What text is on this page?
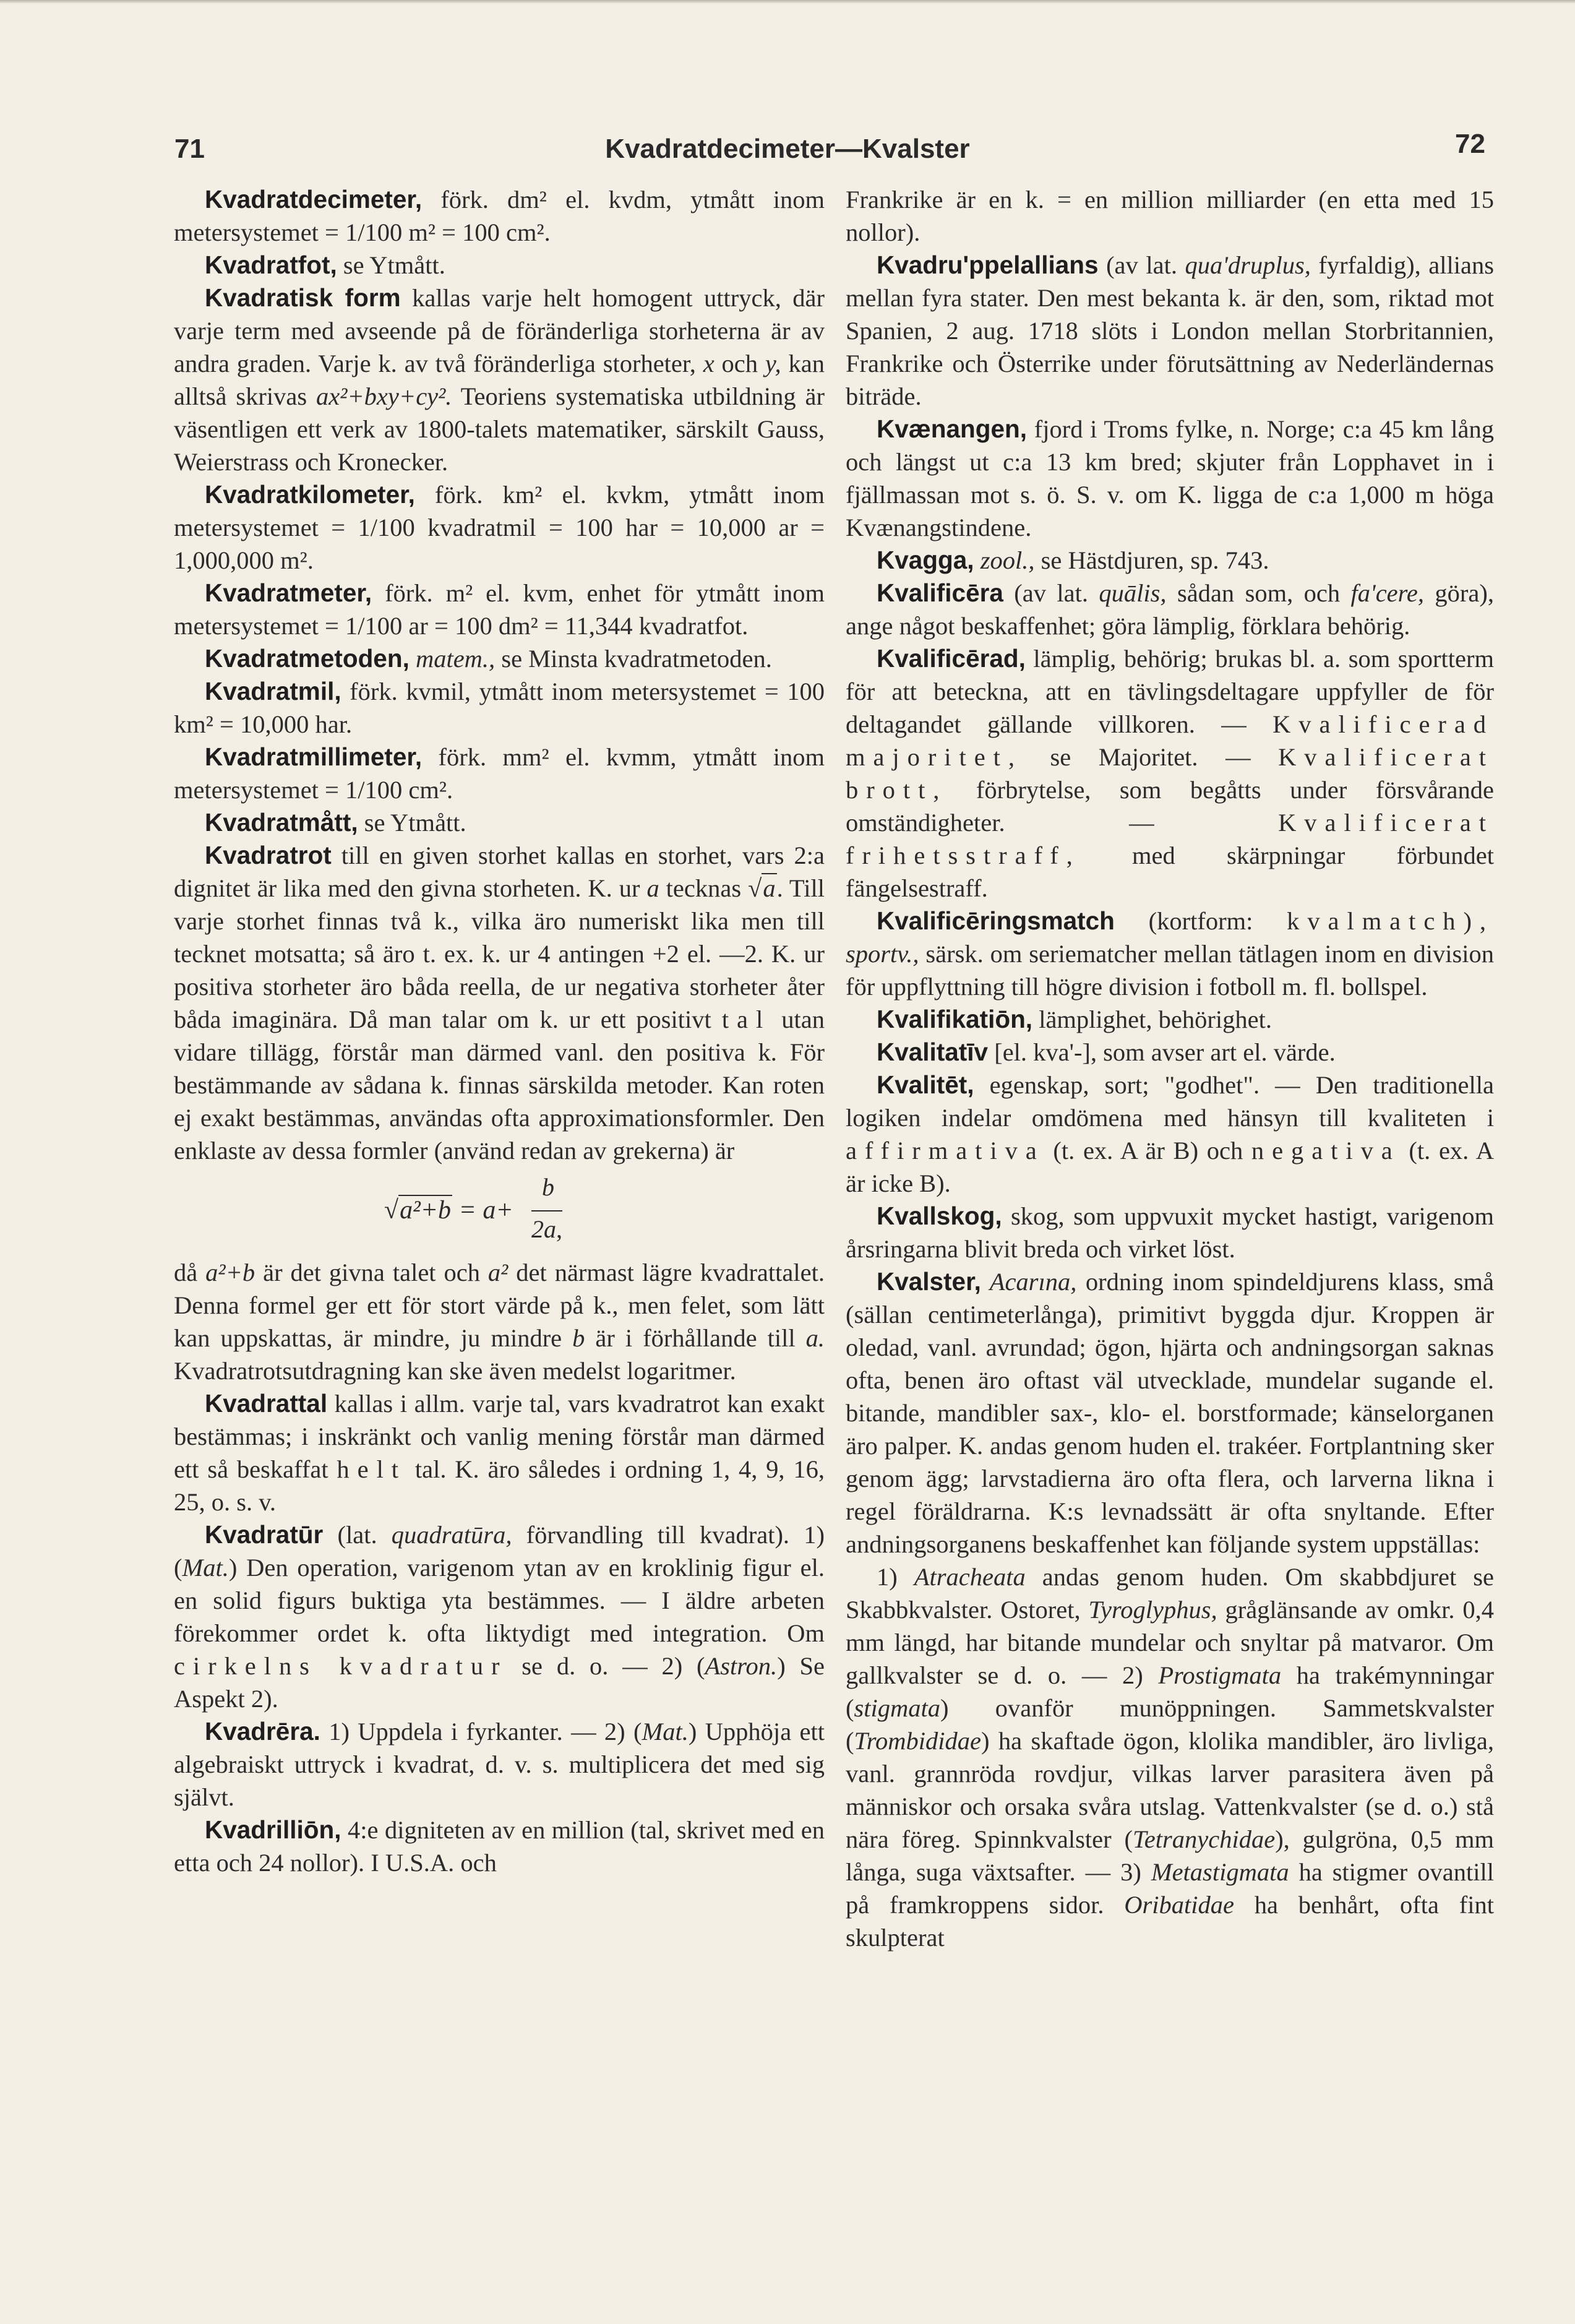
71	Kvadratdecimeter—Kvalster	72

Kvadratdecimeter, förk. dm² el. kvdm, ytmått inom metersystemet = 1/100 m² = 100 cm².

Kvadratfot, se Ytmått.

Kvadratisk form kallas varje helt homogent uttryck, där varje term med avseende på de föränderliga storheterna är av andra graden. Varje k. av två föränderliga storheter, x och y, kan alltså skrivas ax²+bxy+cy². Teoriens systematiska utbildning är väsentligen ett verk av 1800-talets matematiker, särskilt Gauss, Weierstrass och Kronecker.

Kvadratkilometer, förk. km² el. kvkm, ytmått inom metersystemet = 1/100 kvadratmil = 100 har = 10,000 ar = 1,000,000 m².

Kvadratmeter, förk. m² el. kvm, enhet för ytmått inom metersystemet = 1/100 ar = 100 dm² = 11,344 kvadratfot.

Kvadratmetoden, matem., se Minsta kvadratmetoden.

Kvadratmil, förk. kvmil, ytmått inom metersystemet = 100 km² = 10,000 har.

Kvadratmillimeter, förk. mm² el. kvmm, ytmått inom metersystemet = 1/100 cm².

Kvadratmått, se Ytmått.

Kvadratrot till en given storhet kallas en storhet, vars 2:a dignitet är lika med den givna storheten. K. ur a tecknas √a. Till varje storhet finnas två k., vilka äro numeriskt lika men till tecknet motsatta; så äro t. ex. k. ur 4 antingen +2 el. —2. K. ur positiva storheter äro båda reella, de ur negativa storheter åter båda imaginära. Då man talar om k. ur ett positivt tal utan vidare tillägg, förstår man därmed vanl. den positiva k. För bestämmande av sådana k. finnas särskilda metoder. Kan roten ej exakt bestämmas, användas ofta approximationsformler. Den enklaste av dessa formler (använd redan av grekerna) är

√a²+b = a+
b
2a,

då a²+b är det givna talet och a² det närmast lägre kvadrattalet. Denna formel ger ett för stort värde på k., men felet, som lätt kan uppskattas, är mindre, ju mindre b är i förhållande till a. Kvadratrotsutdragning kan ske även medelst logaritmer.

Kvadrattal kallas i allm. varje tal, vars kvadratrot kan exakt bestämmas; i inskränkt och vanlig mening förstår man därmed ett så beskaffat helt tal. K. äro således i ordning 1, 4, 9, 16, 25, o. s. v.

Kvadratūr (lat. quadratūra, förvandling till kvadrat). 1) (Mat.) Den operation, varigenom ytan av en kroklinig figur el. en solid figurs buktiga yta bestämmes. — I äldre arbeten förekommer ordet k. ofta liktydigt med integration. Om cirkelns kvadratur se d. o. — 2) (Astron.) Se Aspekt 2).

Kvadrēra. 1) Uppdela i fyrkanter. — 2) (Mat.) Upphöja ett algebraiskt uttryck i kvadrat, d. v. s. multiplicera det med sig självt.

Kvadrilliōn, 4:e digniteten av en million (tal, skrivet med en etta och 24 nollor). I U.S.A. och

Frankrike är en k. = en million milliarder (en etta med 15 nollor).

Kvadru'ppelallians (av lat. qua'druplus, fyrfaldig), allians mellan fyra stater. Den mest bekanta k. är den, som, riktad mot Spanien, 2 aug. 1718 slöts i London mellan Storbritannien, Frankrike och Österrike under förutsättning av Nederländernas biträde.

Kvænangen, fjord i Troms fylke, n. Norge; c:a 45 km lång och längst ut c:a 13 km bred; skjuter från Lopphavet in i fjällmassan mot s. ö. S. v. om K. ligga de c:a 1,000 m höga Kvænangstindene.

Kvagga, zool., se Hästdjuren, sp. 743.

Kvalificēra (av lat. quālis, sådan som, och fa'cere, göra), ange något beskaffenhet; göra lämplig, förklara behörig.

Kvalificērad, lämplig, behörig; brukas bl. a. som sportterm för att beteckna, att en tävlingsdeltagare uppfyller de för deltagandet gällande villkoren. — Kvalificerad majoritet, se Majoritet. — Kvalificerat brott, förbrytelse, som begåtts under försvårande omständigheter. — Kvalificerat frihetsstraff, med skärpningar förbundet fängelsestraff.

Kvalificēringsmatch (kortform: kvalmatch), sportv., särsk. om seriematcher mellan tätlagen inom en division för uppflyttning till högre division i fotboll m. fl. bollspel.

Kvalifikatiōn, lämplighet, behörighet.

Kvalitatīv [el. kva'-], som avser art el. värde.

Kvalitēt, egenskap, sort; "godhet". — Den traditionella logiken indelar omdömena med hänsyn till kvaliteten i affirmativa (t. ex. A är B) och negativa (t. ex. A är icke B).

Kvallskog, skog, som uppvuxit mycket hastigt, varigenom årsringarna blivit breda och virket löst.

Kvalster, Acarına, ordning inom spindeldjurens klass, små (sällan centimeterlånga), primitivt byggda djur. Kroppen är oledad, vanl. avrundad; ögon, hjärta och andningsorgan saknas ofta, benen äro oftast väl utvecklade, mundelar sugande el. bitande, mandibler sax-, klo- el. borstformade; känselorganen äro palper. K. andas genom huden el. trakéer. Fortplantning sker genom ägg; larvstadierna äro ofta flera, och larverna likna i regel föräldrarna. K:s levnadssätt är ofta snyltande. Efter andningsorganens beskaffenhet kan följande system uppställas:

1) Atracheata andas genom huden. Om skabbdjuret se Skabbkvalster. Ostoret, Tyroglyphus, gråglänsande av omkr. 0,4 mm längd, har bitande mundelar och snyltar på matvaror. Om gallkvalster se d. o. — 2) Prostigmata ha trakémynningar (stigmata) ovanför munöppningen. Sammetskvalster (Trombididae) ha skaftade ögon, klolika mandibler, äro livliga, vanl. grannröda rovdjur, vilkas larver parasitera även på människor och orsaka svåra utslag. Vattenkvalster (se d. o.) stå nära föreg. Spinnkvalster (Tetranychidae), gulgröna, 0,5 mm långa, suga växtsafter. — 3) Metastigmata ha stigmer ovantill på framkroppens sidor. Oribatidae ha benhårt, ofta fint skulpterat
